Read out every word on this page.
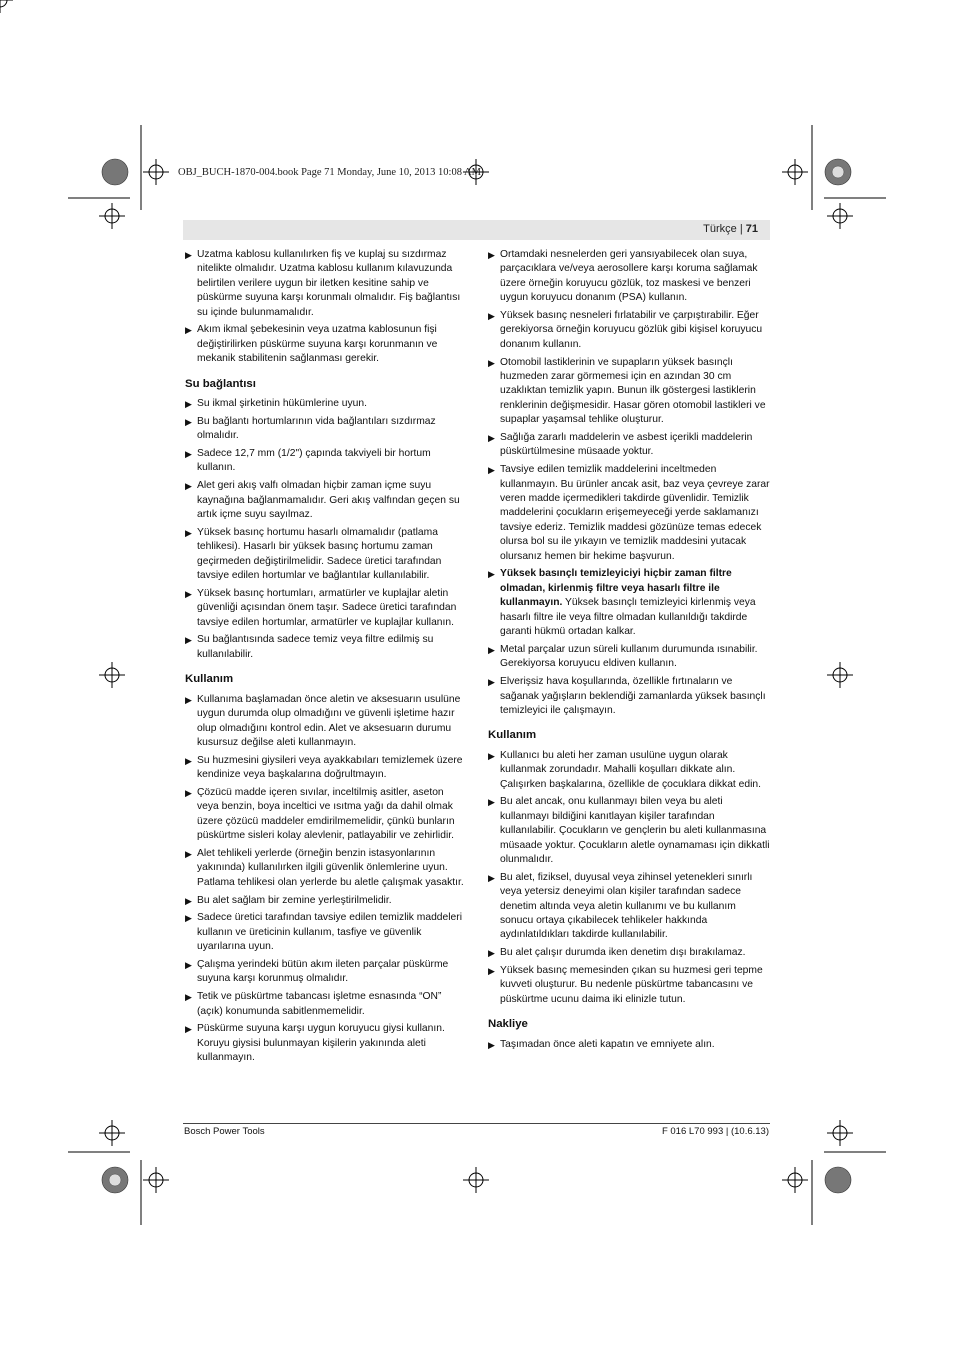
OBJ_BUCH-1870-004.book Page 71 Monday, June 10, 2013 10:08 AM
Türkçe | 71
▶ Uzatma kablosu kullanılırken fiş ve kuplaj su sızdırmaz nitelikte olmalıdır. Uzatma kablosu kullanım kılavuzunda belirtilen verilere uygun bir iletken kesitine sahip ve püskürme suyuna karşı korunmalı olmalıdır. Fiş bağlantısı su içinde bulunmamalıdır.
▶ Akım ikmal şebekesinin veya uzatma kablosunun fişi değiştirilirken püskürme suyuna karşı korunmanın ve mekanik stabilitenin sağlanması gerekir.
Su bağlantısı
▶ Su ikmal şirketinin hükümlerine uyun.
▶ Bu bağlantı hortumlarının vida bağlantıları sızdırmaz olmalıdır.
▶ Sadece 12,7 mm (1/2") çapında takviyeli bir hortum kullanın.
▶ Alet geri akış valfı olmadan hiçbir zaman içme suyu kaynağına bağlanmamalıdır. Geri akış valfından geçen su artık içme suyu sayılmaz.
▶ Yüksek basınç hortumu hasarlı olmamalıdır (patlama tehlikesi). Hasarlı bir yüksek basınç hortumu zaman geçirmeden değiştirilmelidir. Sadece üretici tarafından tavsiye edilen hortumlar ve bağlantılar kullanılabilir.
▶ Yüksek basınç hortumları, armatürler ve kuplajlar aletin güvenliği açısından önem taşır. Sadece üretici tarafından tavsiye edilen hortumlar, armatürler ve kuplajlar kullanın.
▶ Su bağlantısında sadece temiz veya filtre edilmiş su kullanılabilir.
Kullanım
▶ Kullanıma başlamadan önce aletin ve aksesuarın usulüne uygun durumda olup olmadığını ve güvenli işletime hazır olup olmadığını kontrol edin. Alet ve aksesuarın durumu kusursuz değilse aleti kullanmayın.
▶ Su huzmesini giysileri veya ayakkabıları temizlemek üzere kendinize veya başkalarına doğrultmayın.
▶ Çözücü madde içeren sıvılar, inceltilmiş asitler, aseton veya benzin, boya inceltici ve ısıtma yağı da dahil olmak üzere çözücü maddeler emdirilmemelidir, çünkü bunların püskürtme sisleri kolay alevlenir, patlayabilir ve zehirlidir.
▶ Alet tehlikeli yerlerde (örneğin benzin istasyonlarının yakınında) kullanılırken ilgili güvenlik önlemlerine uyun. Patlama tehlikesi olan yerlerde bu aletle çalışmak yasaktır.
▶ Bu alet sağlam bir zemine yerleştirilmelidir.
▶ Sadece üretici tarafından tavsiye edilen temizlik maddeleri kullanın ve üreticinin kullanım, tasfiye ve güvenlik uyarılarına uyun.
▶ Çalışma yerindeki bütün akım ileten parçalar püskürme suyuna karşı korunmuş olmalıdır.
▶ Tetik ve püskürtme tabancası işletme esnasında “ON” (açık) konumunda sabitlenmemelidir.
▶ Püskürme suyuna karşı uygun koruyucu giysi kullanın. Koruyu giysisi bulunmayan kişilerin yakınında aleti kullanmayın.
▶ Ortamdaki nesnelerden geri yansıyabilecek olan suya, parçacıklara ve/veya aerosollere karşı koruma sağlamak üzere örneğin koruyucu gözlük, toz maskesi ve benzeri uygun koruyucu donanım (PSA) kullanın.
▶ Yüksek basınç nesneleri fırlatabilir ve çarpıştırabilir. Eğer gerekiyorsa örneğin koruyucu gözlük gibi kişisel koruyucu donanım kullanın.
▶ Otomobil lastiklerinin ve supapların yüksek basınçlı huzmeden zarar görmemesi için en azından 30 cm uzaklıktan temizlik yapın. Bunun ilk göstergesi lastiklerin renklerinin değişmesidir. Hasar gören otomobil lastikleri ve supaplar yaşamsal tehlike oluşturur.
▶ Sağlığa zararlı maddelerin ve asbest içerikli maddelerin püskürtülmesine müsaade yoktur.
▶ Tavsiye edilen temizlik maddelerini inceltmeden kullanmayın. Bu ürünler ancak asit, baz veya çevreye zarar veren madde içermedikleri takdirde güvenlidir. Temizlik maddelerini çocukların erişemeyeceği yerde saklamanızı tavsiye ederiz. Temizlik maddesi gözünüze temas edecek olursa bol su ile yıkayın ve temizlik maddesini yutacak olursanız hemen bir hekime başvurun.
▶ Yüksek basınçlı temizleyiciyi hiçbir zaman filtre olmadan, kirlenmiş filtre veya hasarlı filtre ile kullanmayın. Yüksek basınçlı temizleyici kirlenmiş veya hasarlı filtre ile veya filtre olmadan kullanıldığı takdirde garanti hükmü ortadan kalkar.
▶ Metal parçalar uzun süreli kullanım durumunda ısınabilir. Gerekiyorsa koruyucu eldiven kullanın.
▶ Elverişsiz hava koşullarında, özellikle fırtınaların ve sağanak yağışların beklendiği zamanlarda yüksek basınçlı temizleyici ile çalışmayın.
Kullanım
▶ Kullanıcı bu aleti her zaman usulüne uygun olarak kullanmak zorundadır. Mahalli koşulları dikkate alın. Çalışırken başkalarına, özellikle de çocuklara dikkat edin.
▶ Bu alet ancak, onu kullanmayı bilen veya bu aleti kullanmayı bildiğini kanıtlayan kişiler tarafından kullanılabilir. Çocukların ve gençlerin bu aleti kullanmasına müsaade yoktur. Çocukların aletle oynamaması için dikkatli olunmalıdır.
▶ Bu alet, fiziksel, duyusal veya zihinsel yetenekleri sınırlı veya yetersiz deneyimi olan kişiler tarafından sadece denetim altında veya aletin kullanımı ve bu kullanım sonucu ortaya çıkabilecek tehlikeler hakkında aydınlatıldıkları takdirde kullanılabilir.
▶ Bu alet çalışır durumda iken denetim dışı bırakılamaz.
▶ Yüksek basınç memesinden çıkan su huzmesi geri tepme kuvveti oluşturur. Bu nedenle püskürtme tabancasını ve püskürtme ucunu daima iki elinizle tutun.
Nakliye
▶ Taşımadan önce aleti kapatın ve emniyete alın.
Bosch Power Tools	F 016 L70 993 | (10.6.13)
